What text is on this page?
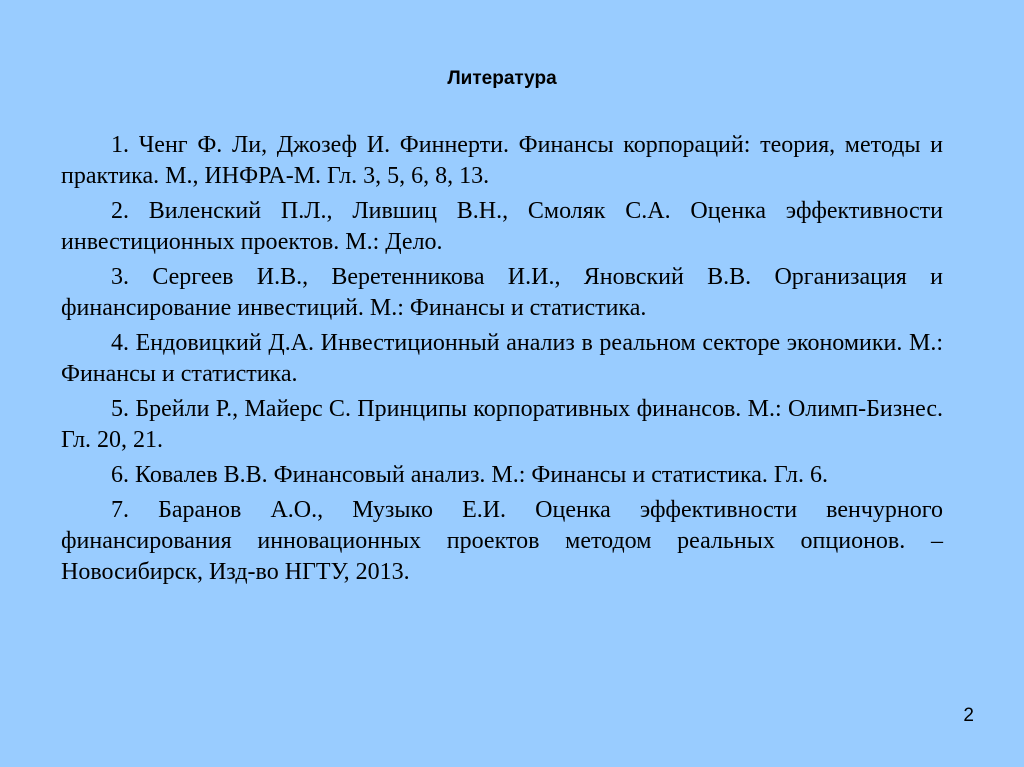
Литература
1. Ченг Ф. Ли, Джозеф И. Финнерти. Финансы корпораций: теория, методы и практика. М., ИНФРА-М. Гл. 3, 5, 6, 8, 13.
2. Виленский П.Л., Лившиц В.Н., Смоляк С.А. Оценка эффективности инвестиционных проектов. М.: Дело.
3. Сергеев И.В., Веретенникова И.И., Яновский В.В. Организация и финансирование инвестиций. М.: Финансы и статистика.
4. Ендовицкий Д.А. Инвестиционный анализ в реальном секторе экономики. М.: Финансы и статистика.
5. Брейли Р., Майерс С. Принципы корпоративных финансов. М.: Олимп-Бизнес. Гл. 20, 21.
6. Ковалев В.В. Финансовый анализ. М.: Финансы и статистика. Гл. 6.
7. Баранов А.О., Музыко Е.И. Оценка эффективности венчурного финансирования инновационных проектов методом реальных опционов. – Новосибирск, Изд-во НГТУ, 2013.
2
